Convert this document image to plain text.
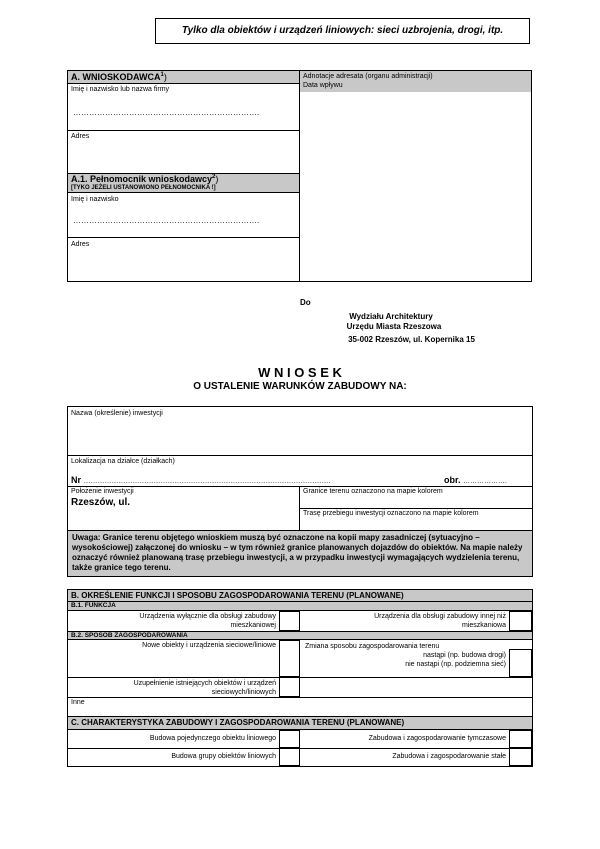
Tylko dla obiektów i urządzeń liniowych: sieci uzbrojenia, drogi, itp.
A. WNIOSKODAWCA$^1$)
Imię i nazwisko lub nazwa firmy
…………………………………………………………….
Adres
A.1. Pełnomocnik wnioskodawcy$^2$)
[TYKO JEŻELI USTANOWIONO PEŁNOMOCNIKA !]
Imię i nazwisko
…………………………………………………………….
Adres
Adnotacje adresata (organu administracji)
Data wpływu
Do
Wydziału Architektury
Urzędu Miasta Rzeszowa
35-002 Rzeszów, ul. Kopernika 15
W N I O S E K
O USTALENIE WARUNKÓW ZABUDOWY NA:
Nazwa (określenie) inwestycji
Lokalizacja na działce (działkach)
Nr …………………………………………………………………………………………….	obr. ……………….
Położenie inwestycji
Rzeszów, ul.
Granice terenu oznaczono na mapie kolorem
Trasę przebiegu inwestycji oznaczono na mapie kolorem
Uwaga: Granice terenu objętego wnioskiem muszą być oznaczone na kopii mapy zasadniczej (sytuacyjno – wysokościowej) załączonej do wniosku – w tym również granice planowanych dojazdów do obiektów. Na mapie należy oznaczyć również planowaną trasę przebiegu inwestycji, a w przypadku inwestycji wymagających wydzielenia terenu, także granice tego terenu.
B. OKREŚLENIE FUNKCJI I SPOSOBU ZAGOSPODAROWANIA TERENU (PLANOWANE)
B.1. FUNKCJA
Urządzenia wyłącznie dla obsługi zabudowy
mieszkaniowej
Urządzenia dla obsługi zabudowy innej niż
mieszkaniowa
B.2. SPOSÓB ZAGOSPODAROWANIA
Nowe obiekty i urządzenia sieciowe/liniowe	Zmiana sposobu zagospodarowania terenu
nastąpi (np. budowa drogi)
nie nastąpi (np. podziemna sieć)
Uzupełnienie istniejących obiektów i urządzeń
sieciowych/liniowych
Inne
C. CHARAKTERYSTYKA ZABUDOWY I ZAGOSPODAROWANIA TERENU (PLANOWANE)
Budowa pojedynczego obiektu liniowego	Zabudowa i zagospodarowanie tymczasowe
Budowa grupy obiektów liniowych	Zabudowa i zagospodarowanie stałe
